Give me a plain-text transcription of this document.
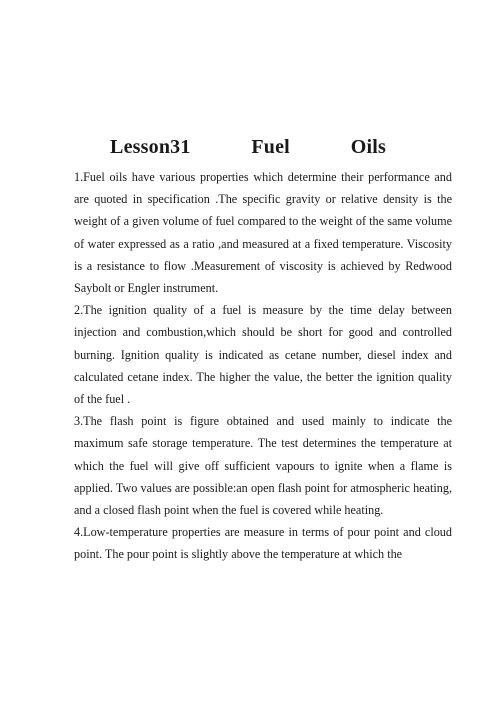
Lesson31    Fuel    Oils

1.Fuel oils have various properties which determine their performance and are quoted in specification .The specific gravity or relative density is the weight of a given volume of fuel compared to the weight of the same volume of water expressed as a ratio ,and measured at a fixed temperature. Viscosity is a resistance to flow .Measurement of viscosity is achieved by Redwood Saybolt or Engler instrument.

2.The ignition quality of a fuel is measure by the time delay between injection and combustion,which should be short for good and controlled burning. Ignition quality is indicated as cetane number, diesel index and calculated cetane index. The higher the value, the better the ignition quality of the fuel .

3.The flash point is figure obtained and used mainly to indicate the maximum safe storage temperature. The test determines the temperature at which the fuel will give off sufficient vapours to ignite when a flame is applied. Two values are possible:an open flash point for atmospheric heating, and a closed flash point when the fuel is covered while heating.

4.Low-temperature properties are measure in terms of pour point and cloud point. The pour point is slightly above the temperature at which the
